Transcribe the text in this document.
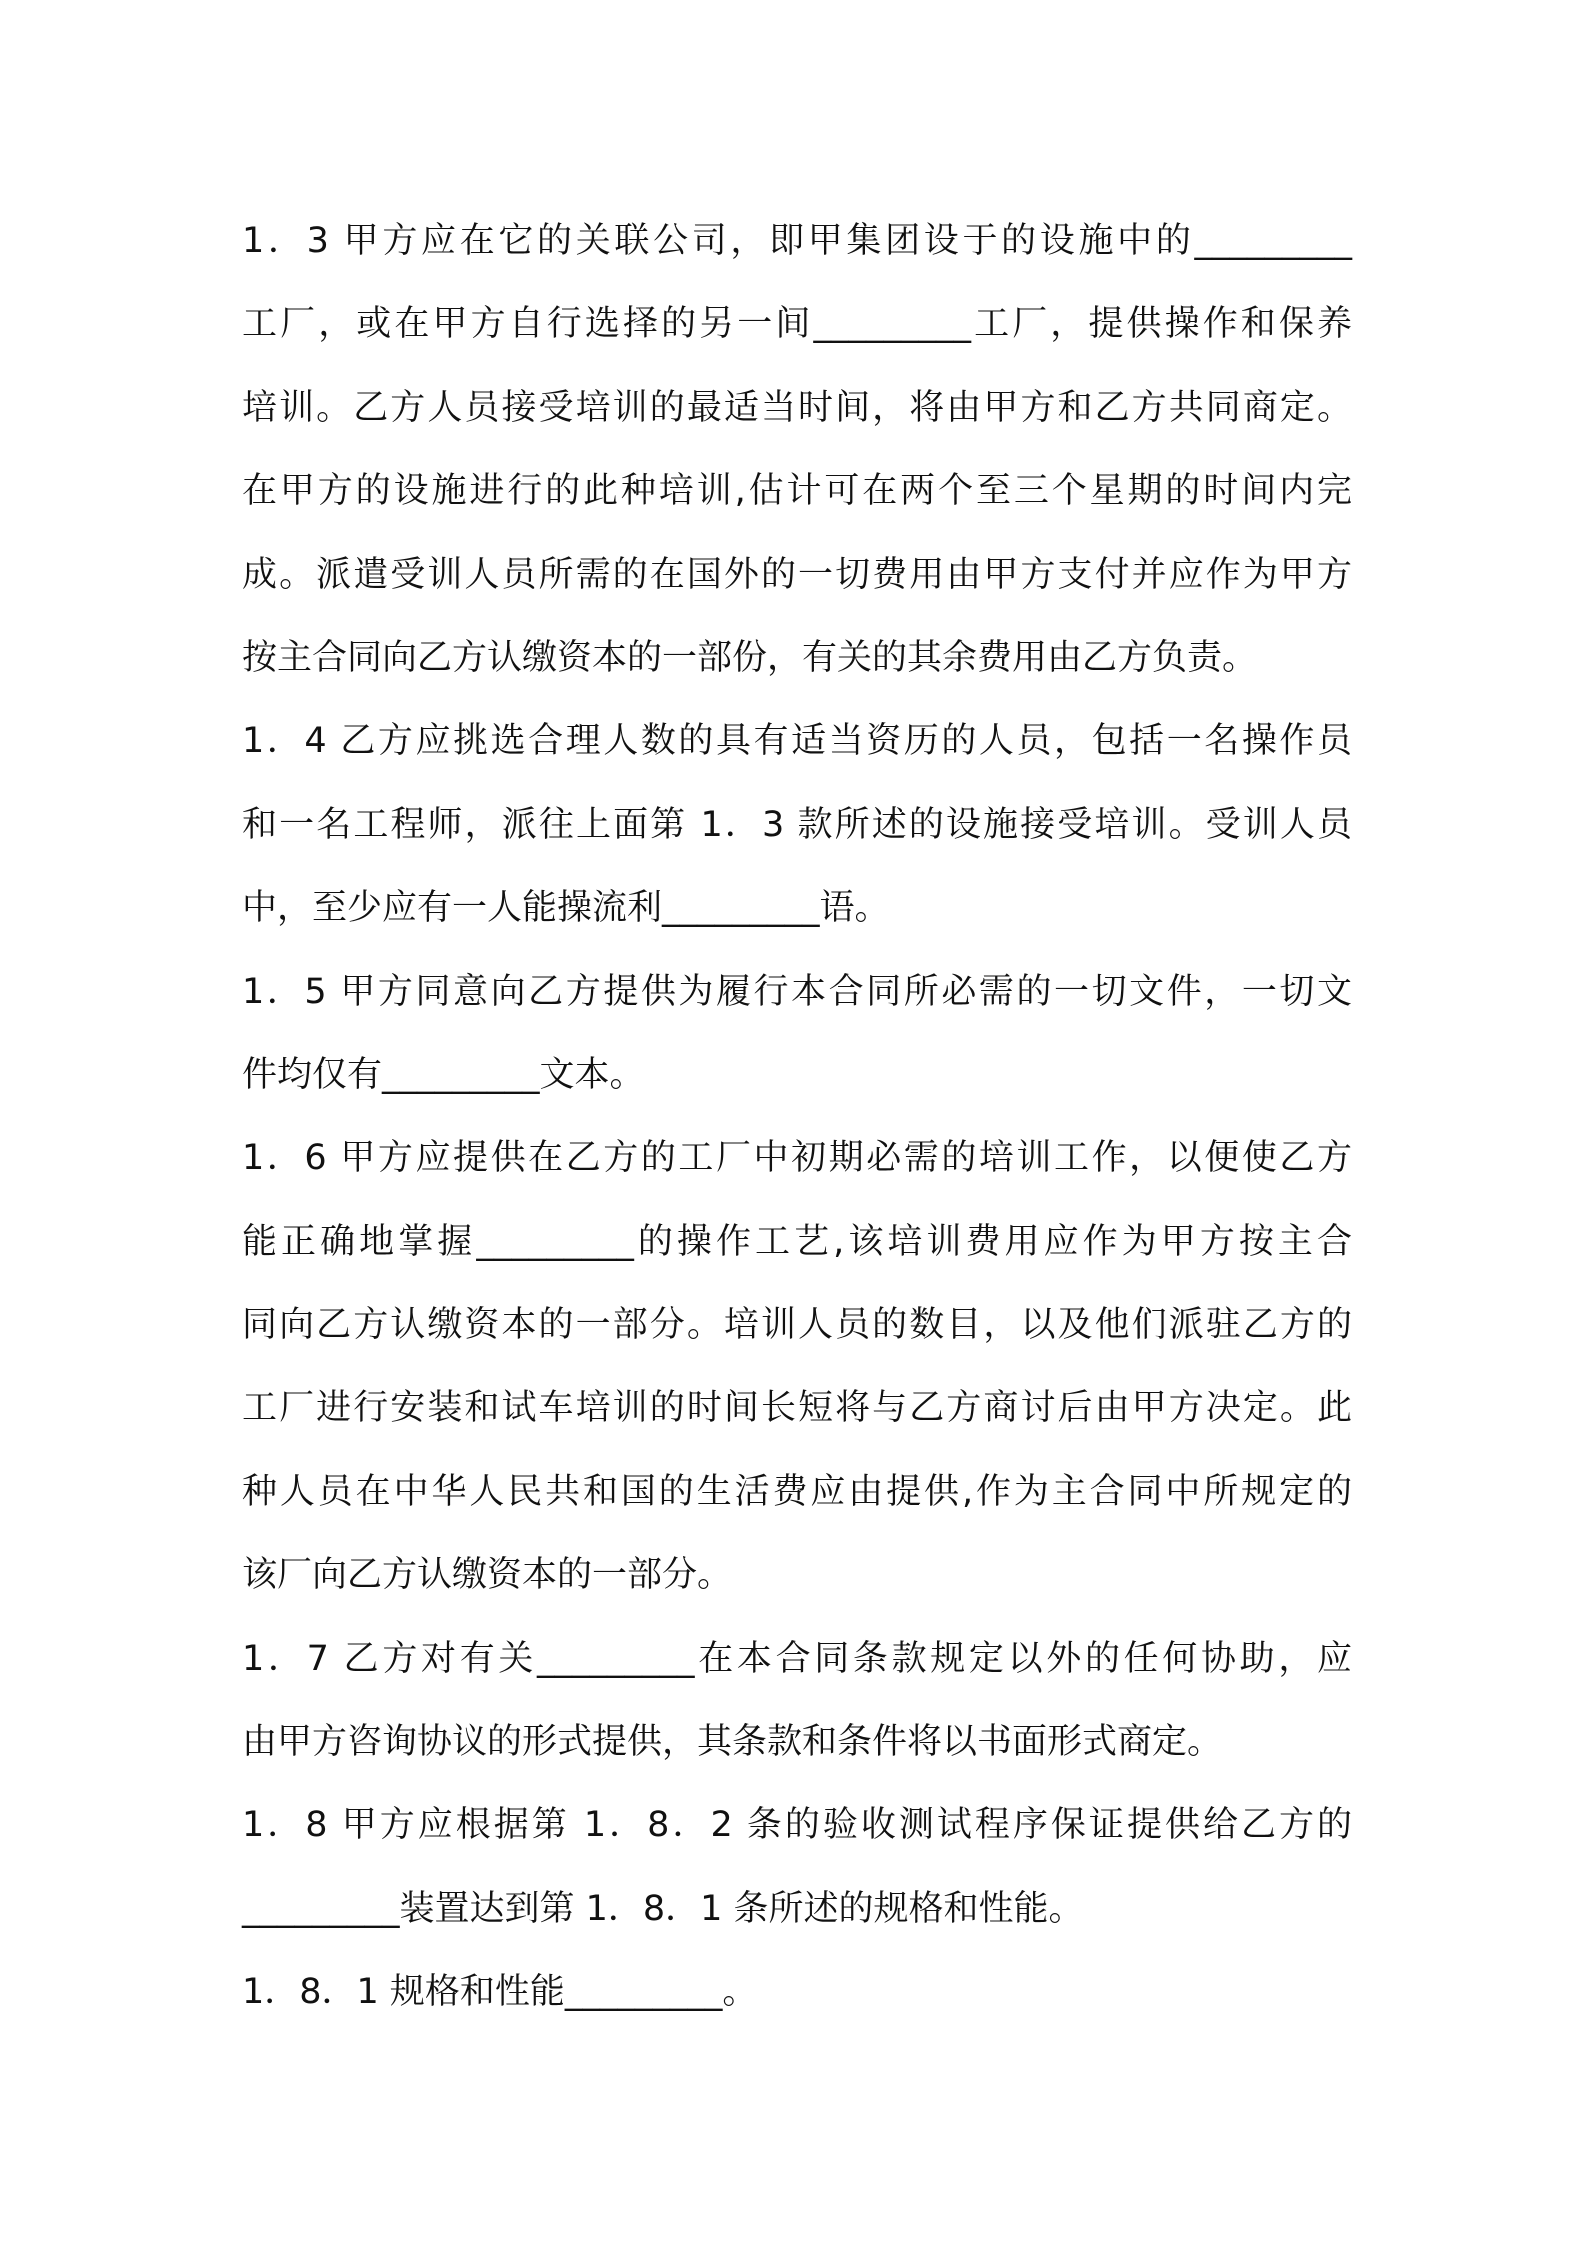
1．3 甲方应在它的关联公司，即甲集团设于的设施中的_________
工厂，或在甲方自行选择的另一间_________工厂，提供操作和保养
培训。乙方人员接受培训的最适当时间，将由甲方和乙方共同商定。
在甲方的设施进行的此种培训,估计可在两个至三个星期的时间内完
成。派遣受训人员所需的在国外的一切费用由甲方支付并应作为甲方
按主合同向乙方认缴资本的一部份，有关的其余费用由乙方负责。
1．4 乙方应挑选合理人数的具有适当资历的人员，包括一名操作员
和一名工程师，派往上面第 1．3 款所述的设施接受培训。受训人员
中，至少应有一人能操流利_________语。
1．5 甲方同意向乙方提供为履行本合同所必需的一切文件，一切文
件均仅有_________文本。
1．6 甲方应提供在乙方的工厂中初期必需的培训工作，以便使乙方
能正确地掌握_________的操作工艺,该培训费用应作为甲方按主合
同向乙方认缴资本的一部分。培训人员的数目，以及他们派驻乙方的
工厂进行安装和试车培训的时间长短将与乙方商讨后由甲方决定。此
种人员在中华人民共和国的生活费应由提供,作为主合同中所规定的
该厂向乙方认缴资本的一部分。
1．7 乙方对有关_________在本合同条款规定以外的任何协助，应
由甲方咨询协议的形式提供，其条款和条件将以书面形式商定。
1．8 甲方应根据第 1．8．2 条的验收测试程序保证提供给乙方的
_________装置达到第 1．8．1 条所述的规格和性能。
1．8．1 规格和性能_________。
